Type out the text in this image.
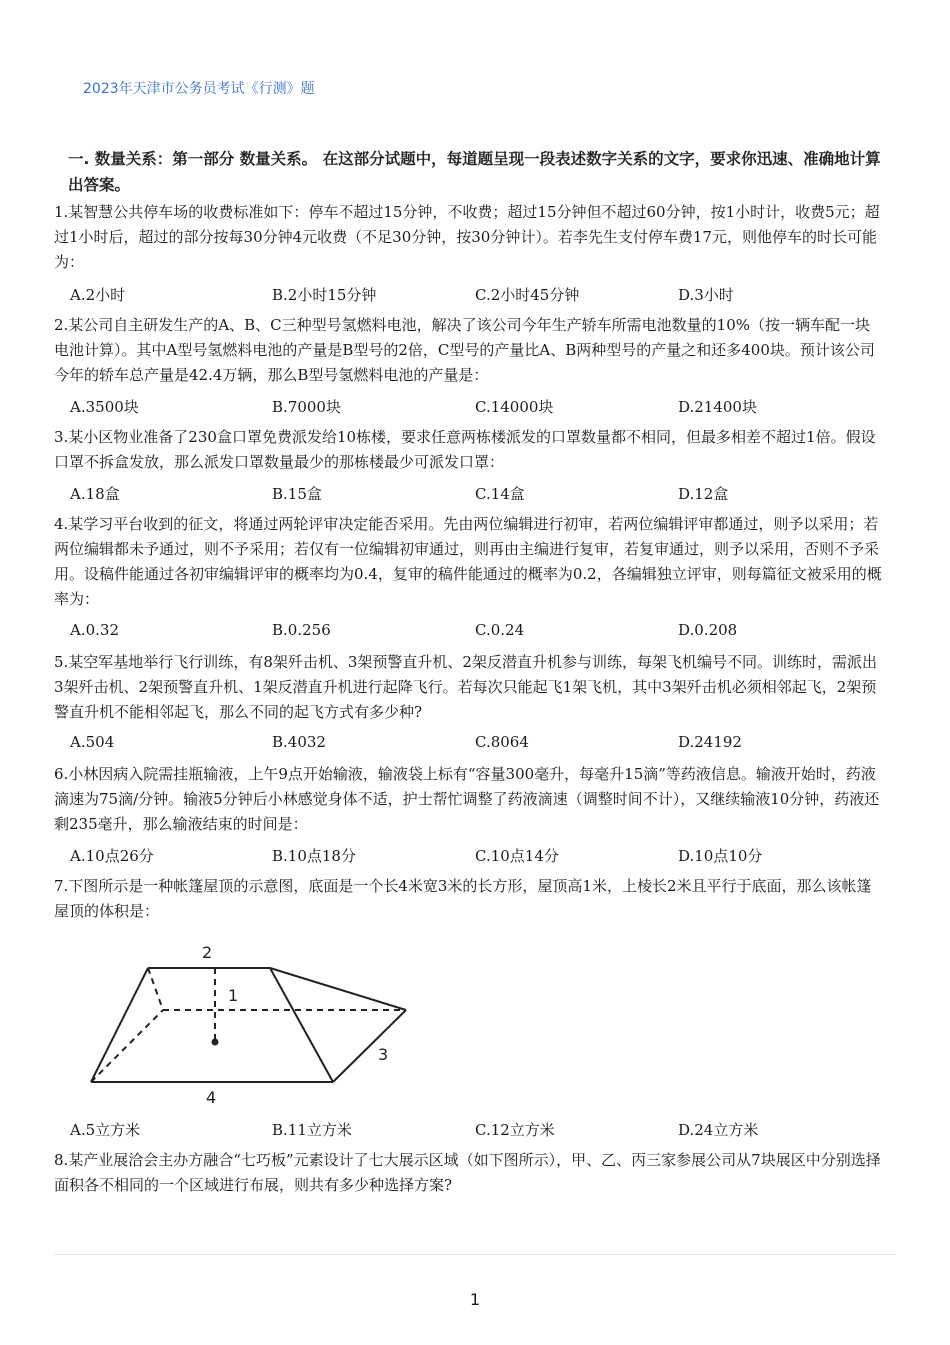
2023年天津市公务员考试《行测》题
一. 数量关系：第一部分 数量关系。 在这部分试题中，每道题呈现一段表述数字关系的文字，要求你迅速、准确地计算出答案。
1.某智慧公共停车场的收费标准如下：停车不超过15分钟，不收费；超过15分钟但不超过60分钟，按1小时计，收费5元；超过1小时后，超过的部分按每30分钟4元收费（不足30分钟，按30分钟计）。若李先生支付停车费17元，则他停车的时长可能为：
A.2小时	B.2小时15分钟	C.2小时45分钟	D.3小时
2.某公司自主研发生产的A、B、C三种型号氢燃料电池，解决了该公司今年生产轿车所需电池数量的10%（按一辆车配一块电池计算）。其中A型号氢燃料电池的产量是B型号的2倍，C型号的产量比A、B两种型号的产量之和还多400块。预计该公司今年的轿车总产量是42.4万辆，那么B型号氢燃料电池的产量是：
A.3500块	B.7000块	C.14000块	D.21400块
3.某小区物业准备了230盒口罩免费派发给10栋楼，要求任意两栋楼派发的口罩数量都不相同，但最多相差不超过1倍。假设口罩不拆盒发放，那么派发口罩数量最少的那栋楼最少可派发口罩：
A.18盒	B.15盒	C.14盒	D.12盒
4.某学习平台收到的征文，将通过两轮评审决定能否采用。先由两位编辑进行初审，若两位编辑评审都通过，则予以采用；若两位编辑都未予通过，则不予采用；若仅有一位编辑初审通过，则再由主编进行复审，若复审通过，则予以采用，否则不予采用。设稿件能通过各初审编辑评审的概率均为0.4，复审的稿件能通过的概率为0.2，各编辑独立评审，则每篇征文被采用的概率为：
A.0.32	B.0.256	C.0.24	D.0.208
5.某空军基地举行飞行训练，有8架歼击机、3架预警直升机、2架反潜直升机参与训练，每架飞机编号不同。训练时，需派出3架歼击机、2架预警直升机、1架反潜直升机进行起降飞行。若每次只能起飞1架飞机，其中3架歼击机必须相邻起飞，2架预警直升机不能相邻起飞，那么不同的起飞方式有多少种?
A.504	B.4032	C.8064	D.24192
6.小林因病入院需挂瓶输液，上午9点开始输液，输液袋上标有“容量300毫升，每毫升15滴”等药液信息。输液开始时，药液滴速为75滴/分钟。输液5分钟后小林感觉身体不适，护士帮忙调整了药液滴速（调整时间不计），又继续输液10分钟，药液还剩235毫升，那么输液结束的时间是：
A.10点26分	B.10点18分	C.10点14分	D.10点10分
7.下图所示是一种帐篷屋顶的示意图，底面是一个长4米宽3米的长方形，屋顶高1米，上棱长2米且平行于底面，那么该帐篷屋顶的体积是：
2
1
3
4
A.5立方米	B.11立方米	C.12立方米	D.24立方米
8.某产业展洽会主办方融合“七巧板”元素设计了七大展示区域（如下图所示），甲、乙、丙三家参展公司从7块展区中分别选择面积各不相同的一个区域进行布展，则共有多少种选择方案?
1
